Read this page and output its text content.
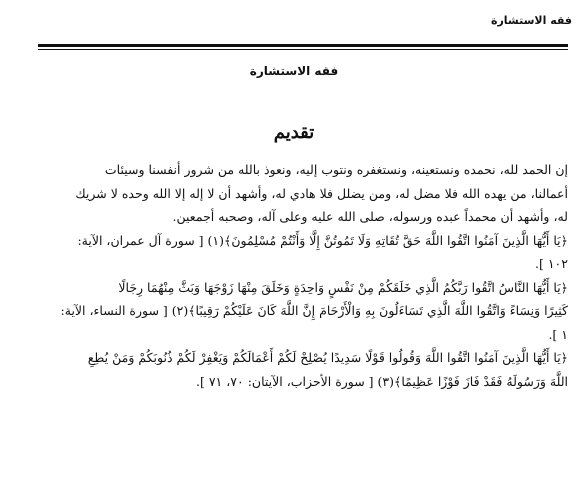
فقه الاستشارة
فقه الاستشارة
تقديم
إن الحمد لله، نحمده ونستعينه، ونستغفره ونتوب إليه، ونعوذ بالله من شرور أنفسنا وسيئات
أعمالنا، من يهده الله فلا مضل له، ومن يضلل فلا هادي له، وأشهد أن لا إله إلا الله وحده لا شريك
له، وأشهد أن محمداً عبده ورسوله، صلى الله عليه وعلى آله، وصحبه أجمعين.
﴿يَا أَيُّهَا الَّذِينَ آمَنُوا اتَّقُوا اللَّهَ حَقَّ تُقَاتِهِ وَلَا تَمُوتُنَّ إِلَّا وَأَنْتُمْ مُسْلِمُونَ﴾(١) [ سورة آل عمران، الآية:
١٠٢ ].
﴿يَا أَيُّهَا النَّاسُ اتَّقُوا رَبَّكُمُ الَّذِي خَلَقَكُمْ مِنْ نَفْسٍ وَاحِدَةٍ وَخَلَقَ مِنْهَا زَوْجَهَا وَبَثَّ مِنْهُمَا رِجَالًا
كَثِيرًا وَنِسَاءً وَاتَّقُوا اللَّهَ الَّذِي تَسَاءَلُونَ بِهِ وَالْأَرْحَامَ إِنَّ اللَّهَ كَانَ عَلَيْكُمْ رَقِيبًا﴾(٢) [ سورة النساء، الآية:
١ ].
﴿يَا أَيُّهَا الَّذِينَ آمَنُوا اتَّقُوا اللَّهَ وَقُولُوا قَوْلًا سَدِيدًا يُصْلِحْ لَكُمْ أَعْمَالَكُمْ وَيَغْفِرْ لَكُمْ ذُنُوبَكُمْ وَمَنْ يُطِعِ
اللَّهَ وَرَسُولَهُ فَقَدْ فَازَ فَوْزًا عَظِيمًا﴾(٣) [ سورة الأحزاب، الآيتان: ٧٠، ٧١ ].
